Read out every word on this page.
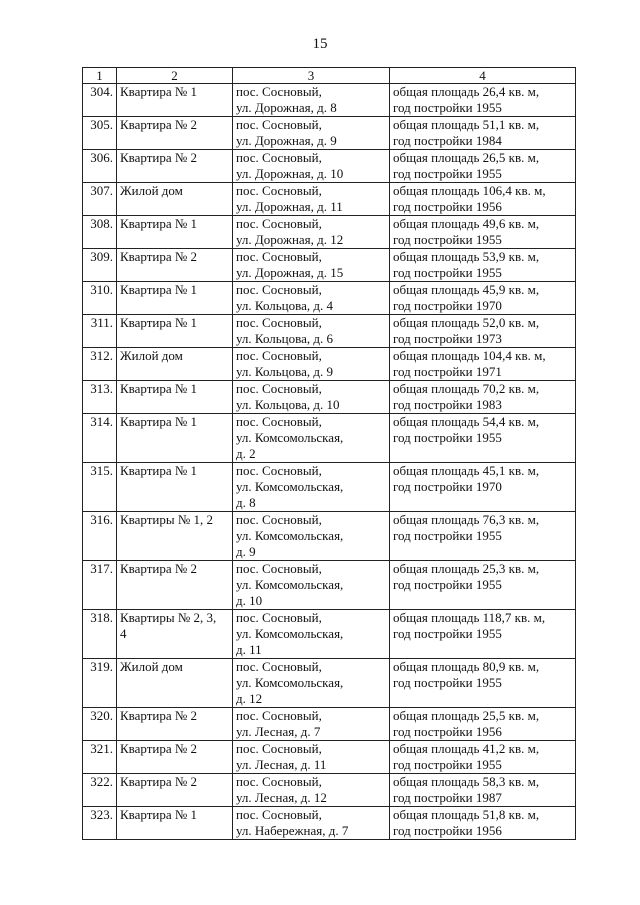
15
1	2	3	4
304.	Квартира № 1	пос. Сосновый,
ул. Дорожная, д. 8	общая площадь 26,4 кв. м,
год постройки 1955

305.	Квартира № 2	пос. Сосновый,
ул. Дорожная, д. 9	общая площадь 51,1 кв. м,
год постройки 1984

306.	Квартира № 2	пос. Сосновый,
ул. Дорожная, д. 10	общая площадь 26,5 кв. м,
год постройки 1955

307.	Жилой дом	пос. Сосновый,
ул. Дорожная, д. 11	общая площадь 106,4 кв. м,
год постройки 1956

308.	Квартира № 1	пос. Сосновый,
ул. Дорожная, д. 12	общая площадь 49,6 кв. м,
год постройки 1955

309.	Квартира № 2	пос. Сосновый,
ул. Дорожная, д. 15	общая площадь 53,9 кв. м,
год постройки 1955

310.	Квартира № 1	пос. Сосновый,
ул. Кольцова, д. 4	общая площадь 45,9 кв. м,
год постройки 1970

311.	Квартира № 1	пос. Сосновый,
ул. Кольцова, д. 6	общая площадь 52,0 кв. м,
год постройки 1973

312.	Жилой дом	пос. Сосновый,
ул. Кольцова, д. 9	общая площадь 104,4 кв. м,
год постройки 1971

313.	Квартира № 1	пос. Сосновый,
ул. Кольцова, д. 10	общая площадь 70,2 кв. м,
год постройки 1983

314.	Квартира № 1	пос. Сосновый,
ул. Комсомольская,
д. 2	общая площадь 54,4 кв. м,
год постройки 1955

315.	Квартира № 1	пос. Сосновый,
ул. Комсомольская,
д. 8	общая площадь 45,1 кв. м,
год постройки 1970

316.	Квартиры № 1, 2	пос. Сосновый,
ул. Комсомольская,
д. 9	общая площадь 76,3 кв. м,
год постройки 1955

317.	Квартира № 2	пос. Сосновый,
ул. Комсомольская,
д. 10	общая площадь 25,3 кв. м,
год постройки 1955

318.	Квартиры № 2, 3,
4	пос. Сосновый,
ул. Комсомольская,
д. 11	общая площадь 118,7 кв. м,
год постройки 1955

319.	Жилой дом	пос. Сосновый,
ул. Комсомольская,
д. 12	общая площадь 80,9 кв. м,
год постройки 1955

320.	Квартира № 2	пос. Сосновый,
ул. Лесная, д. 7	общая площадь 25,5 кв. м,
год постройки 1956

321.	Квартира № 2	пос. Сосновый,
ул. Лесная, д. 11	общая площадь 41,2 кв. м,
год постройки 1955

322.	Квартира № 2	пос. Сосновый,
ул. Лесная, д. 12	общая площадь 58,3 кв. м,
год постройки 1987

323.	Квартира № 1	пос. Сосновый,
ул. Набережная, д. 7	общая площадь 51,8 кв. м,
год постройки 1956
